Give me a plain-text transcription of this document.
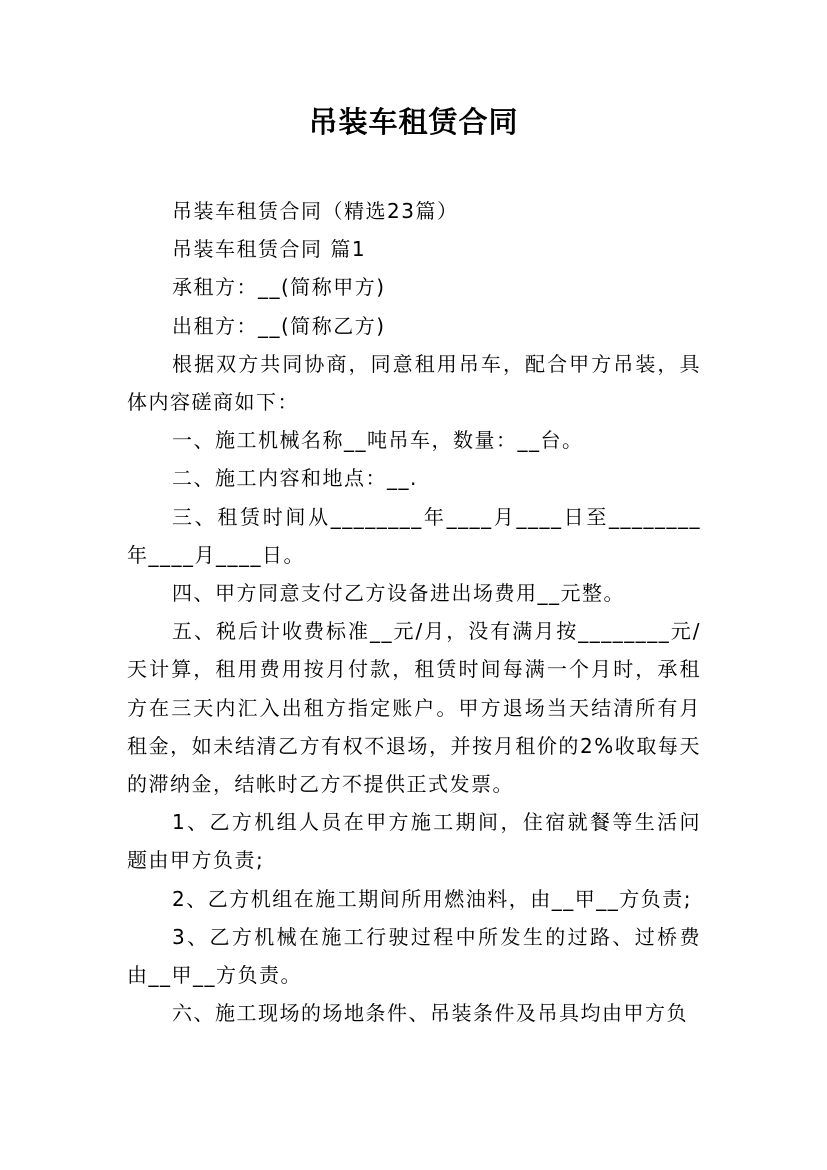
吊装车租赁合同

吊装车租赁合同（精选23篇）

吊装车租赁合同 篇1

承租方：__(简称甲方)

出租方：__(简称乙方)

根据双方共同协商，同意租用吊车，配合甲方吊装，具体内容磋商如下：

一、施工机械名称__吨吊车，数量：__台。

二、施工内容和地点：__.

三、租赁时间从________年____月____日至________年____月____日。

四、甲方同意支付乙方设备进出场费用__元整。

五、税后计收费标准__元/月，没有满月按________元/天计算，租用费用按月付款，租赁时间每满一个月时，承租方在三天内汇入出租方指定账户。甲方退场当天结清所有月租金，如未结清乙方有权不退场，并按月租价的2%收取每天的滞纳金，结帐时乙方不提供正式发票。

1、乙方机组人员在甲方施工期间，住宿就餐等生活问题由甲方负责;

2、乙方机组在施工期间所用燃油料，由__甲__方负责;

3、乙方机械在施工行驶过程中所发生的过路、过桥费由__甲__方负责。

六、施工现场的场地条件、吊装条件及吊具均由甲方负
